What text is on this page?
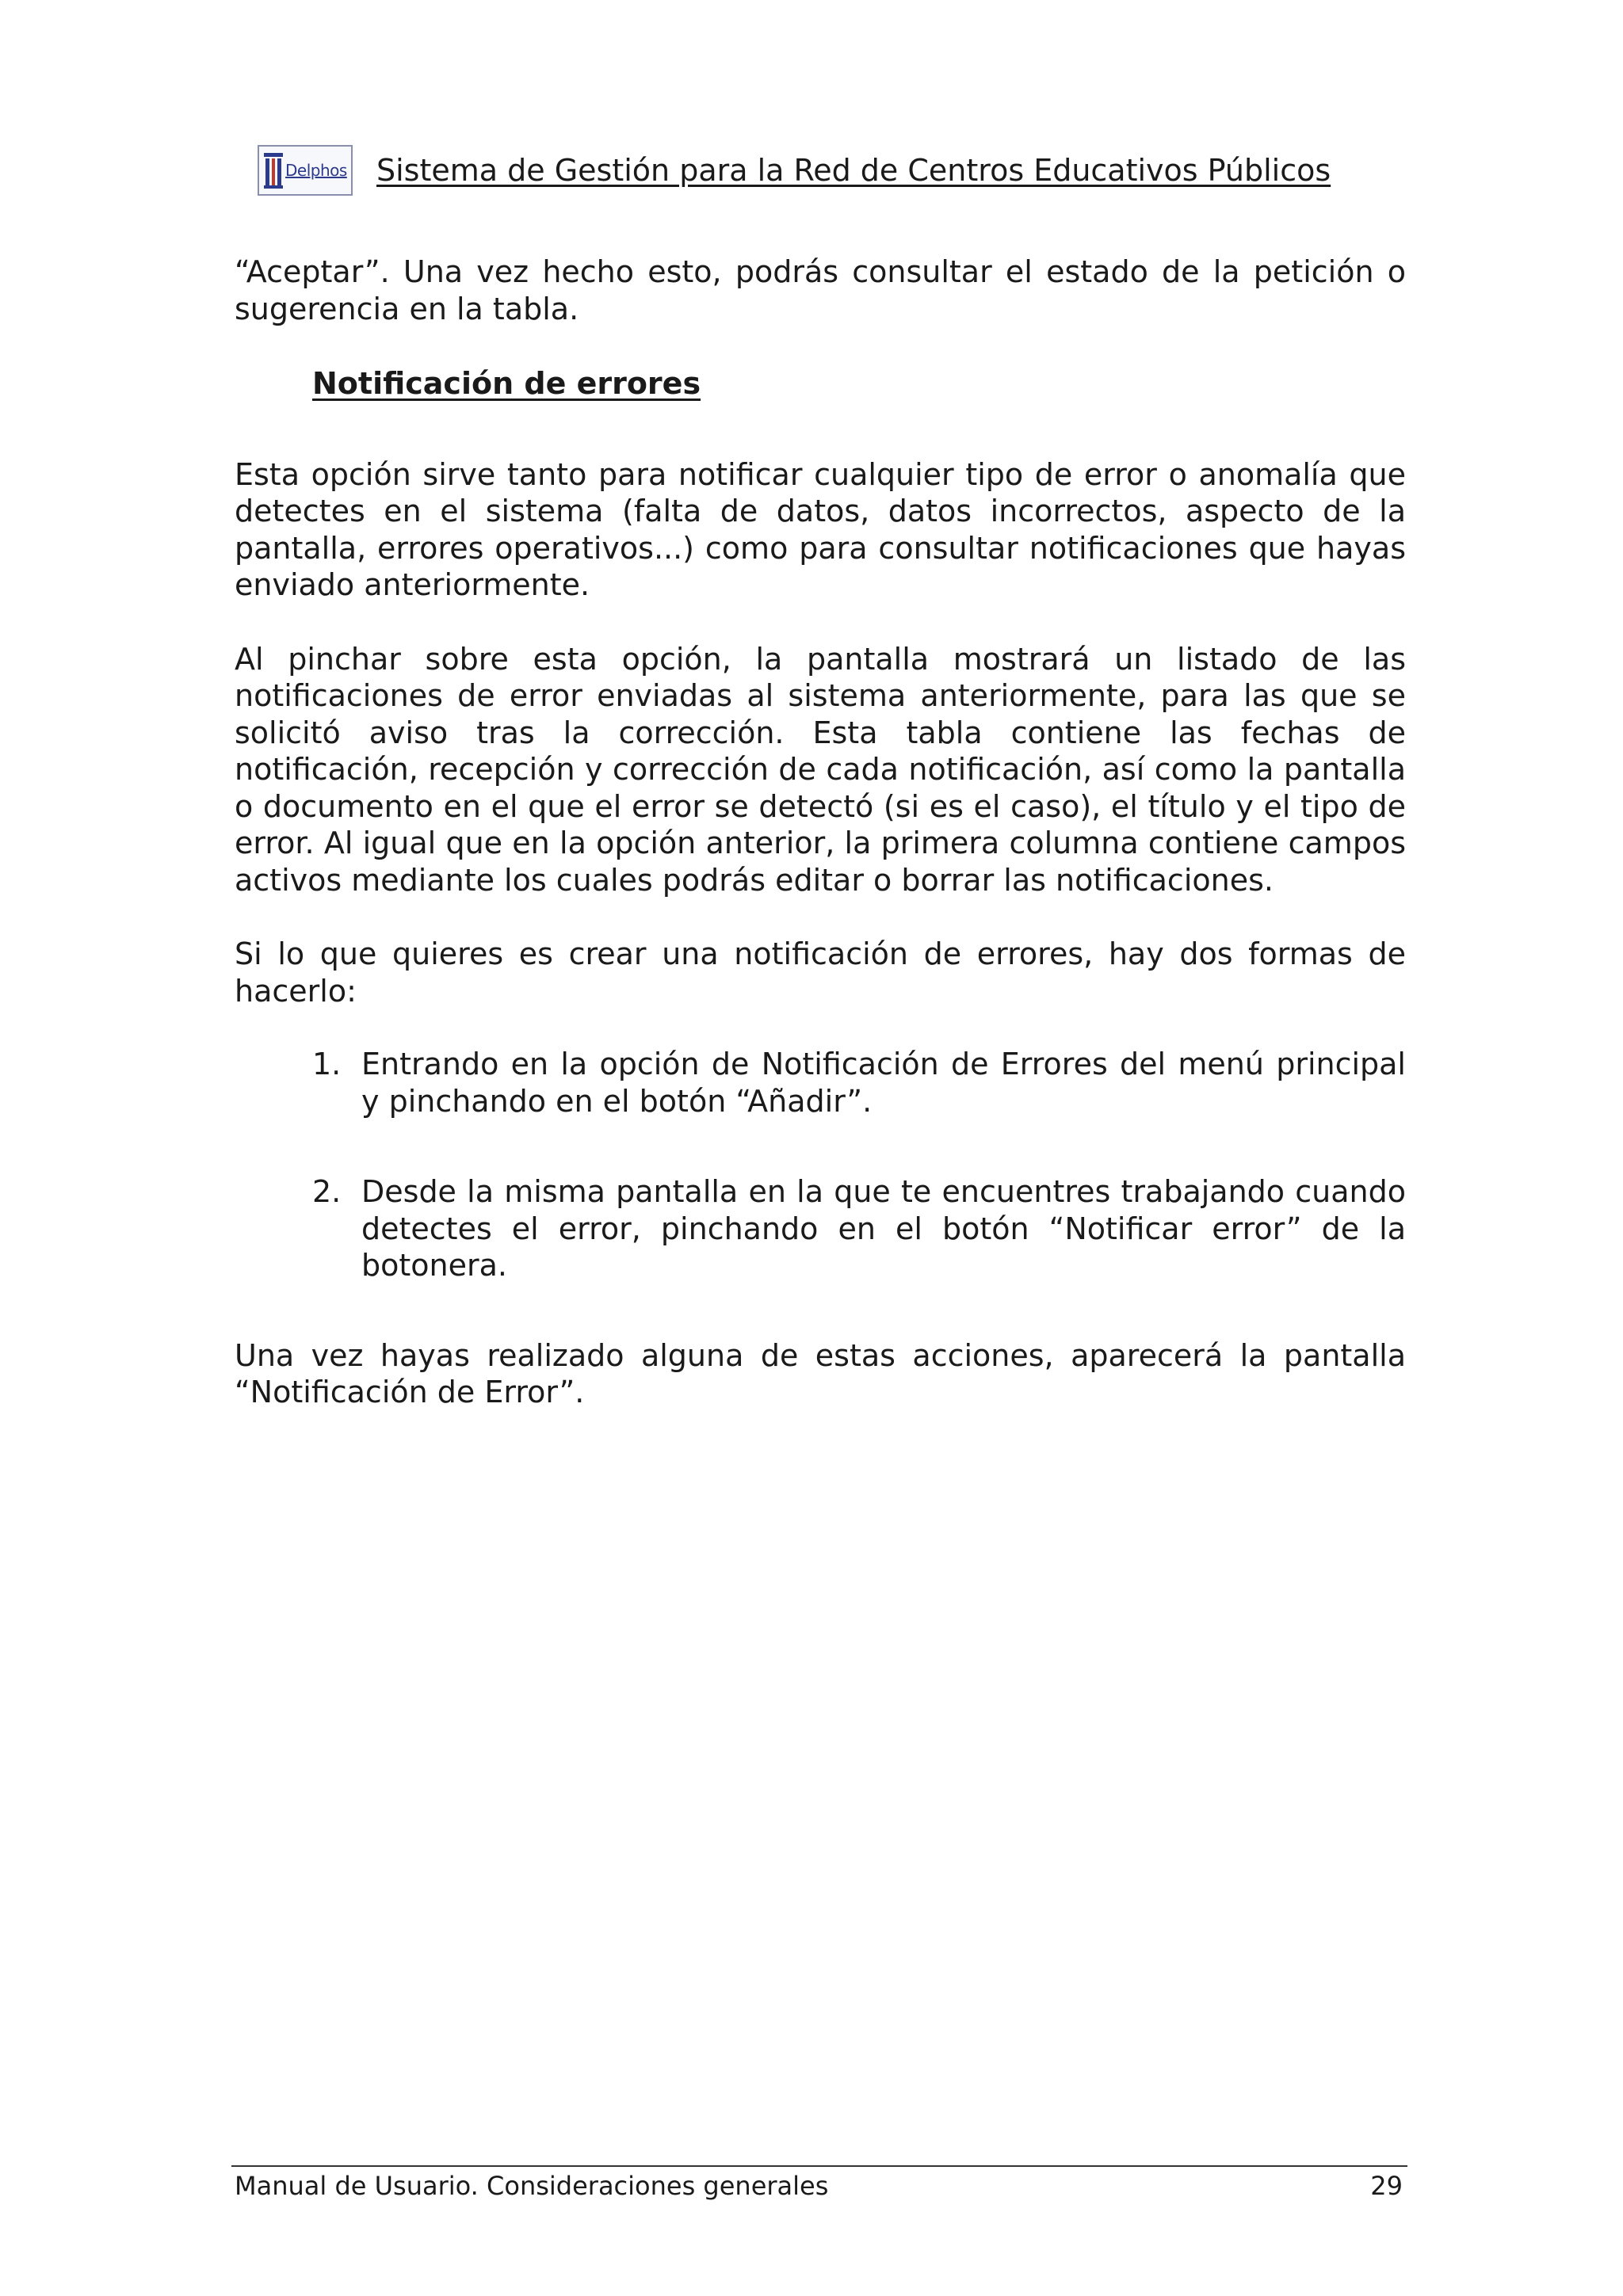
Delphos Sistema de Gestión para la Red de Centros Educativos Públicos

“Aceptar”. Una vez hecho esto, podrás consultar el estado de la petición o sugerencia en la tabla.

Notificación de errores

Esta opción sirve tanto para notificar cualquier tipo de error o anomalía que detectes en el sistema (falta de datos, datos incorrectos, aspecto de la pantalla, errores operativos...) como para consultar notificaciones que hayas enviado anteriormente.

Al pinchar sobre esta opción, la pantalla mostrará un listado de las notificaciones de error enviadas al sistema anteriormente, para las que se solicitó aviso tras la corrección. Esta tabla contiene las fechas de notificación, recepción y corrección de cada notificación, así como la pantalla o documento en el que el error se detectó (si es el caso), el título y el tipo de error. Al igual que en la opción anterior, la primera columna contiene campos activos mediante los cuales podrás editar o borrar las notificaciones.

Si lo que quieres es crear una notificación de errores, hay dos formas de hacerlo:

1. Entrando en la opción de Notificación de Errores del menú principal y pinchando en el botón “Añadir”.
2. Desde la misma pantalla en la que te encuentres trabajando cuando detectes el error, pinchando en el botón “Notificar error” de la botonera.

Una vez hayas realizado alguna de estas acciones, aparecerá la pantalla “Notificación de Error”.

Manual de Usuario. Consideraciones generales	29
